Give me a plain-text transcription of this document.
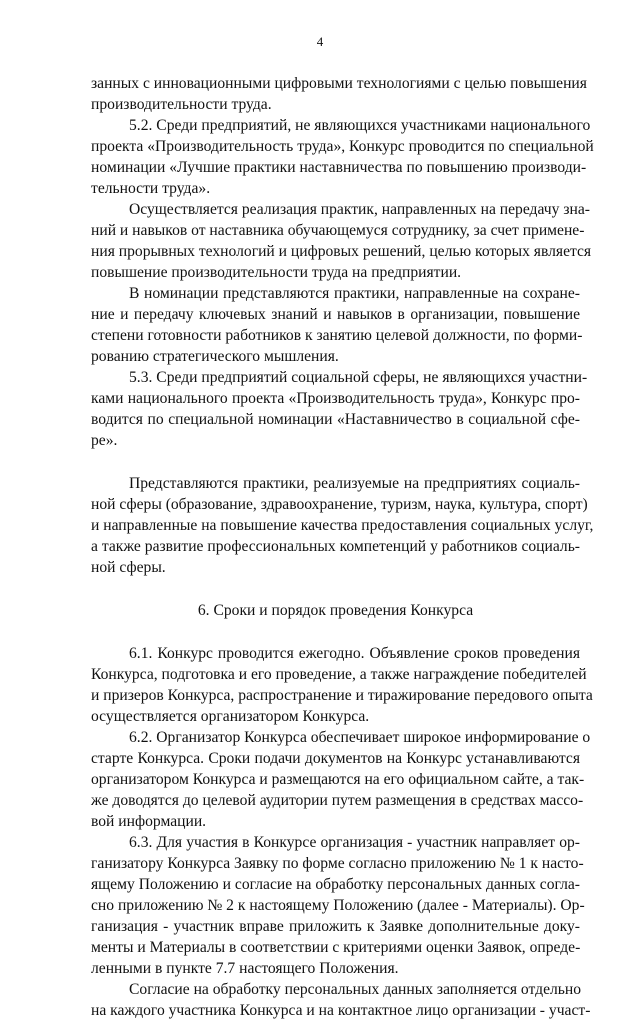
4
занных с инновационными цифровыми технологиями с целью повышения
производительности труда.
5.2. Среди предприятий, не являющихся участниками национального
проекта «Производительность труда», Конкурс проводится по специальной
номинации «Лучшие практики наставничества по повышению производи-
тельности труда».
Осуществляется реализация практик, направленных на передачу зна-
ний и навыков от наставника обучающемуся сотруднику, за счет примене-
ния прорывных технологий и цифровых решений, целью которых является
повышение производительности труда на предприятии.
В номинации представляются практики, направленные на сохране-
ние и передачу ключевых знаний и навыков в организации, повышение
степени готовности работников к занятию целевой должности, по форми-
рованию стратегического мышления.
5.3. Среди предприятий социальной сферы, не являющихся участни-
ками национального проекта «Производительность труда», Конкурс про-
водится по специальной номинации «Наставничество в социальной сфе-
ре».
Представляются практики, реализуемые на предприятиях социаль-
ной сферы (образование, здравоохранение, туризм, наука, культура, спорт)
и направленные на повышение качества предоставления социальных услуг,
а также развитие профессиональных компетенций у работников социаль-
ной сферы.
6. Сроки и порядок проведения Конкурса
6.1. Конкурс проводится ежегодно. Объявление сроков проведения
Конкурса, подготовка и его проведение, а также награждение победителей
и призеров Конкурса, распространение и тиражирование передового опыта
осуществляется организатором Конкурса.
6.2. Организатор Конкурса обеспечивает широкое информирование о
старте Конкурса. Сроки подачи документов на Конкурс устанавливаются
организатором Конкурса и размещаются на его официальном сайте, а так-
же доводятся до целевой аудитории путем размещения в средствах массо-
вой информации.
6.3. Для участия в Конкурсе организация - участник направляет ор-
ганизатору Конкурса Заявку по форме согласно приложению № 1 к насто-
ящему Положению и согласие на обработку персональных данных согла-
сно приложению № 2 к настоящему Положению (далее - Материалы). Ор-
ганизация - участник вправе приложить к Заявке дополнительные доку-
менты и Материалы в соответствии с критериями оценки Заявок, опреде-
ленными в пункте 7.7 настоящего Положения.
Согласие на обработку персональных данных заполняется отдельно
на каждого участника Конкурса и на контактное лицо организации - участ-
